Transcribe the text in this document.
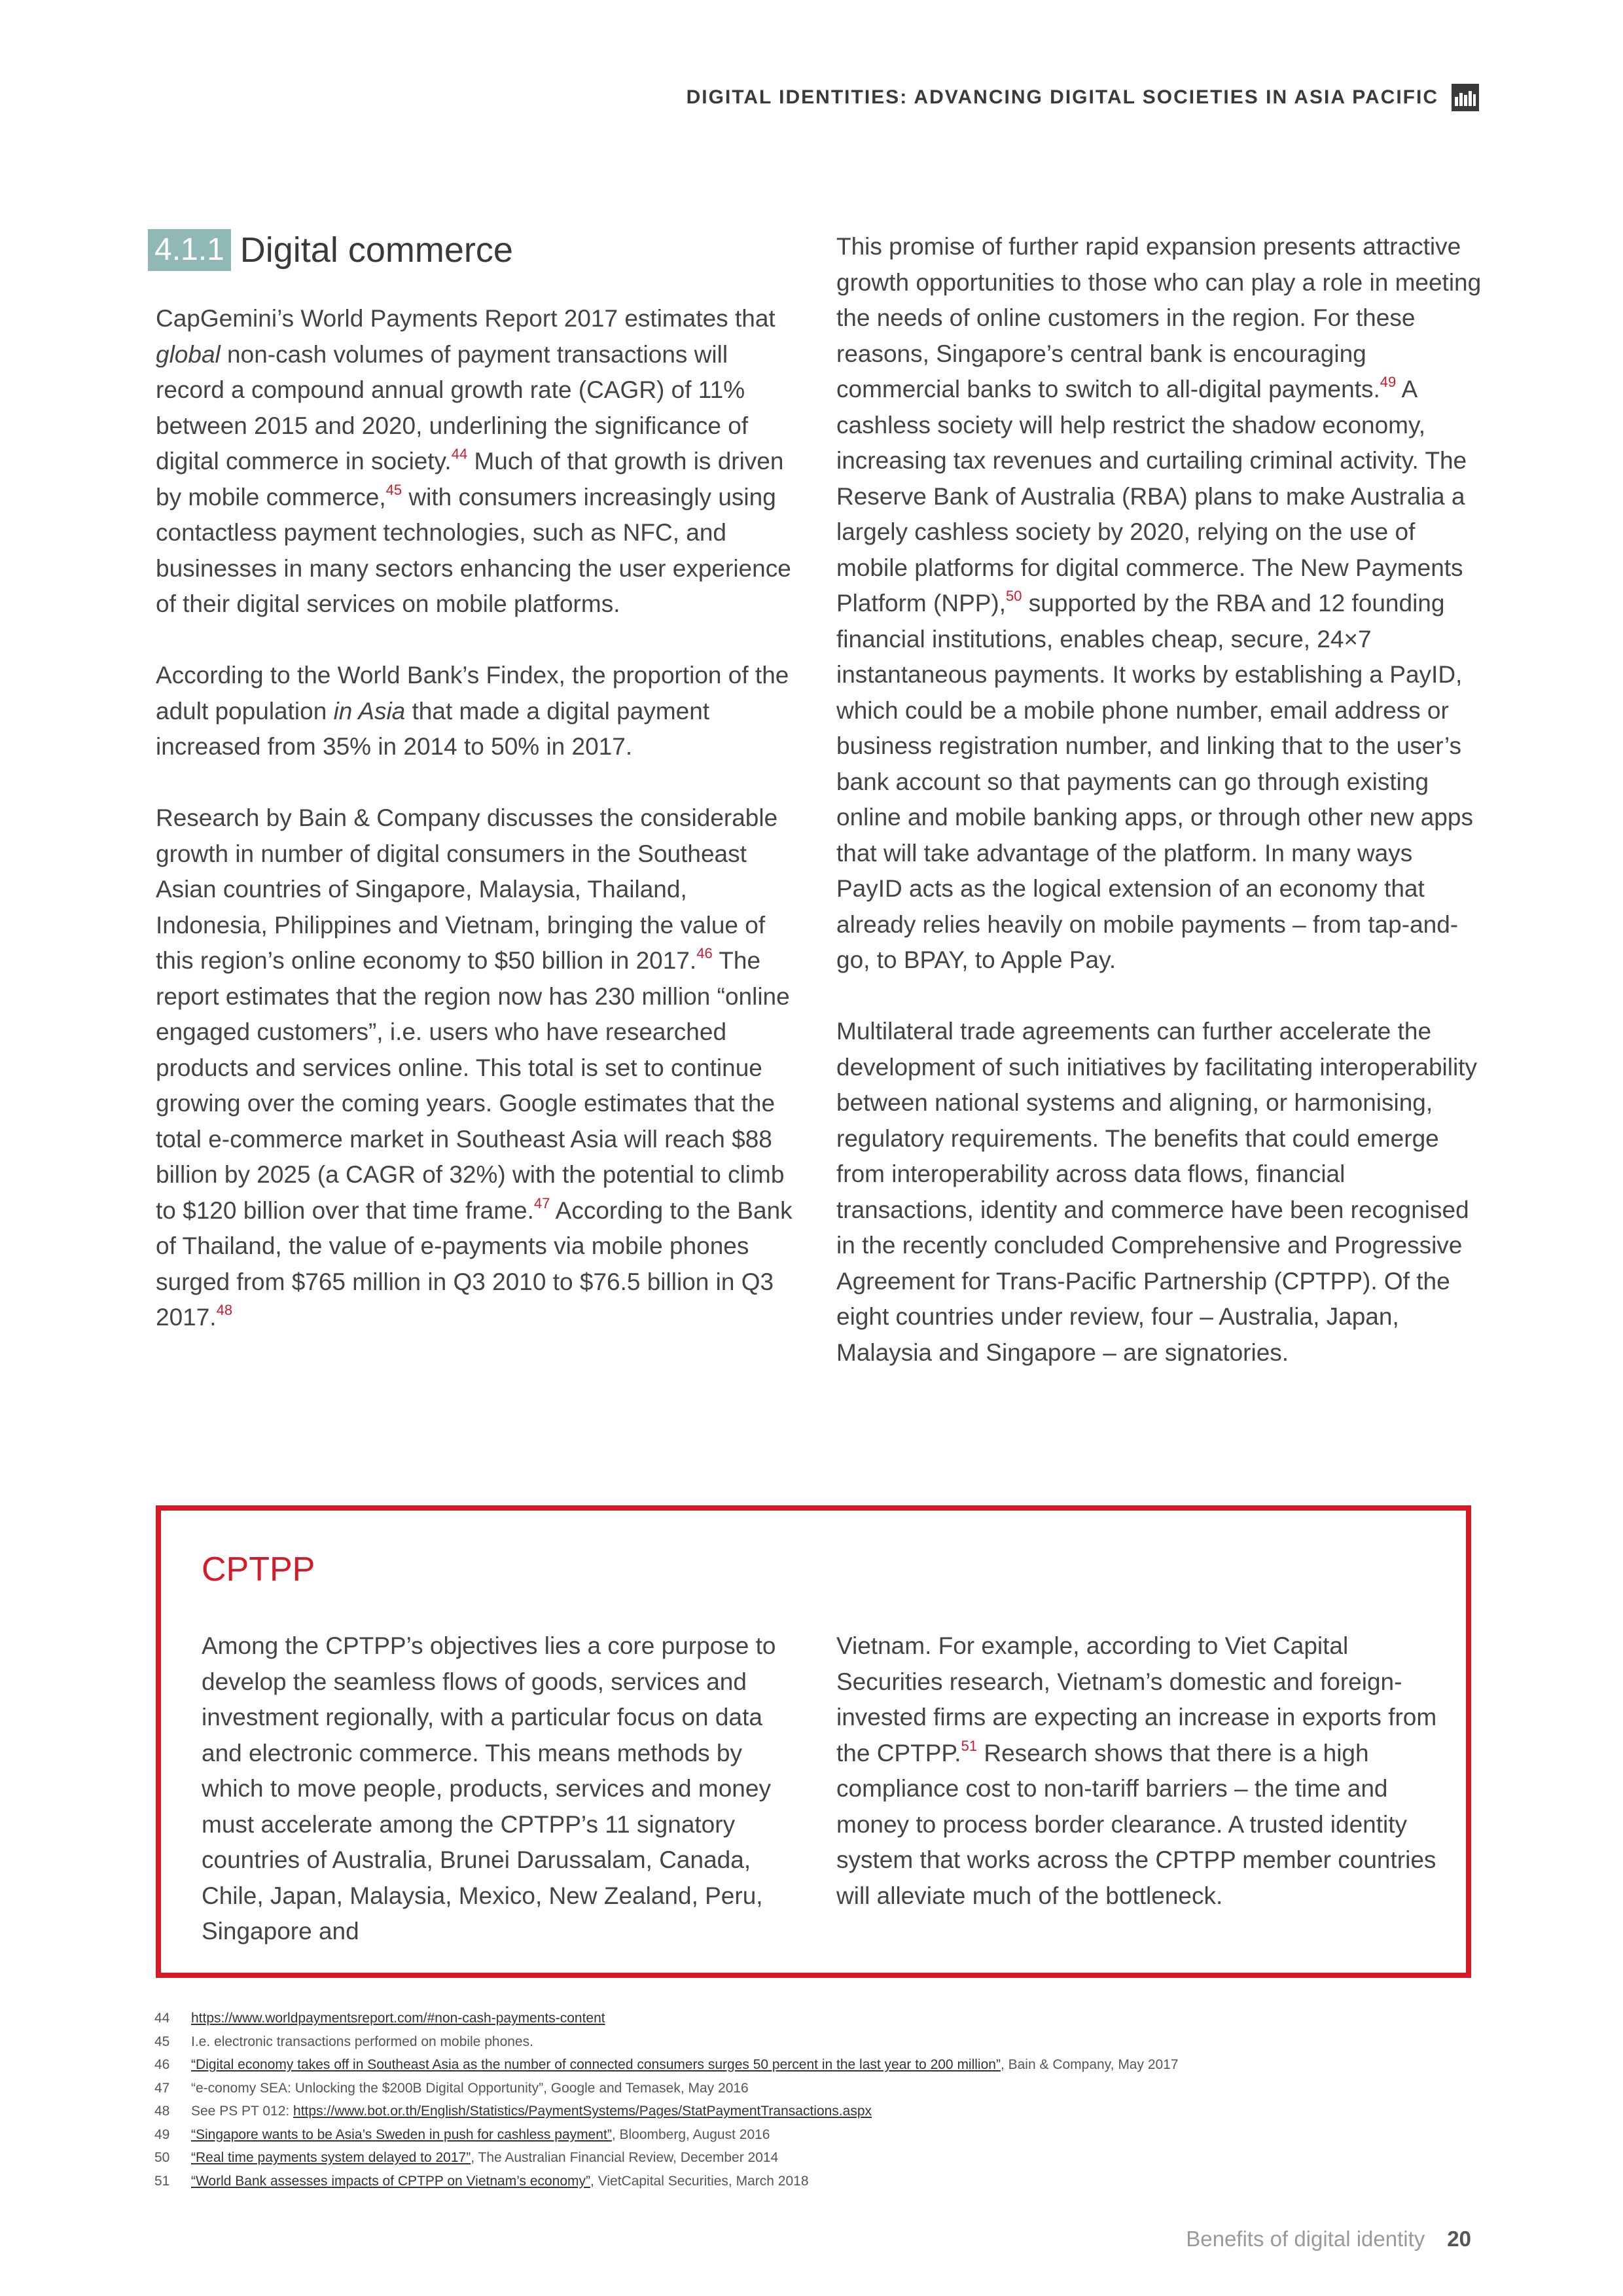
DIGITAL IDENTITIES: ADVANCING DIGITAL SOCIETIES IN ASIA PACIFIC
4.1.1 Digital commerce

CapGemini’s World Payments Report 2017 estimates that global non-cash volumes of payment transactions will record a compound annual growth rate (CAGR) of 11% between 2015 and 2020, underlining the significance of digital commerce in society.$^{44}$ Much of that growth is driven by mobile commerce,$^{45}$ with consumers increasingly using contactless payment technologies, such as NFC, and businesses in many sectors enhancing the user experience of their digital services on mobile platforms.

According to the World Bank’s Findex, the proportion of the adult population in Asia that made a digital payment increased from 35% in 2014 to 50% in 2017.

Research by Bain & Company discusses the considerable growth in number of digital consumers in the Southeast Asian countries of Singapore, Malaysia, Thailand, Indonesia, Philippines and Vietnam, bringing the value of this region’s online economy to $50 billion in 2017.46 The report estimates that the region now has 230 million “online engaged customers”, i.e. users who have researched products and services online. This total is set to continue growing over the coming years. Google estimates that the total e-commerce market in Southeast Asia will reach $88 billion by 2025 (a CAGR of 32%) with the potential to climb to $120 billion over that time frame.$^{47}$ According to the Bank of Thailand, the value of e-payments via mobile phones surged from $765 million in Q3 2010 to $76.5 billion in Q3 2017.48

This promise of further rapid expansion presents attractive growth opportunities to those who can play a role in meeting the needs of online customers in the region. For these reasons, Singapore’s central bank is encouraging commercial banks to switch to all-digital payments.$^{49}$ A cashless society will help restrict the shadow economy, increasing tax revenues and curtailing criminal activity. The Reserve Bank of Australia (RBA) plans to make Australia a largely cashless society by 2020, relying on the use of mobile platforms for digital commerce. The New Payments Platform (NPP),$^{50}$ supported by the RBA and 12 founding financial institutions, enables cheap, secure, 24×7 instantaneous payments. It works by establishing a PayID, which could be a mobile phone number, email address or business registration number, and linking that to the user’s bank account so that payments can go through existing online and mobile banking apps, or through other new apps that will take advantage of the platform. In many ways PayID acts as the logical extension of an economy that already relies heavily on mobile payments – from tap-and-go, to BPAY, to Apple Pay.

Multilateral trade agreements can further accelerate the development of such initiatives by facilitating interoperability between national systems and aligning, or harmonising, regulatory requirements. The benefits that could emerge from interoperability across data flows, financial transactions, identity and commerce have been recognised in the recently concluded Comprehensive and Progressive Agreement for Trans-Pacific Partnership (CPTPP). Of the eight countries under review, four – Australia, Japan, Malaysia and Singapore – are signatories.

CPTPP
Among the CPTPP’s objectives lies a core purpose to develop the seamless flows of goods, services and investment regionally, with a particular focus on data and electronic commerce. This means methods by which to move people, products, services and money must accelerate among the CPTPP’s 11 signatory countries of Australia, Brunei Darussalam, Canada, Chile, Japan, Malaysia, Mexico, New Zealand, Peru, Singapore and
Vietnam. For example, according to Viet Capital Securities research, Vietnam’s domestic and foreign-invested firms are expecting an increase in exports from the CPTPP.$^{51}$ Research shows that there is a high compliance cost to non-tariff barriers – the time and money to process border clearance. A trusted identity system that works across the CPTPP member countries will alleviate much of the bottleneck.
44	https://www.worldpaymentsreport.com/#non-cash-payments-content
45	I.e. electronic transactions performed on mobile phones.
46	“Digital economy takes off in Southeast Asia as the number of connected consumers surges 50 percent in the last year to 200 million”, Bain & Company, May 2017
47	“e-conomy SEA: Unlocking the $200B Digital Opportunity”, Google and Temasek, May 2016
48	See PS PT 012: https://www.bot.or.th/English/Statistics/PaymentSystems/Pages/StatPaymentTransactions.aspx
49	“Singapore wants to be Asia’s Sweden in push for cashless payment”, Bloomberg, August 2016
50	“Real time payments system delayed to 2017”, The Australian Financial Review, December 2014
51	“World Bank assesses impacts of CPTPP on Vietnam’s economy”, VietCapital Securities, March 2018
Benefits of digital identity 20
